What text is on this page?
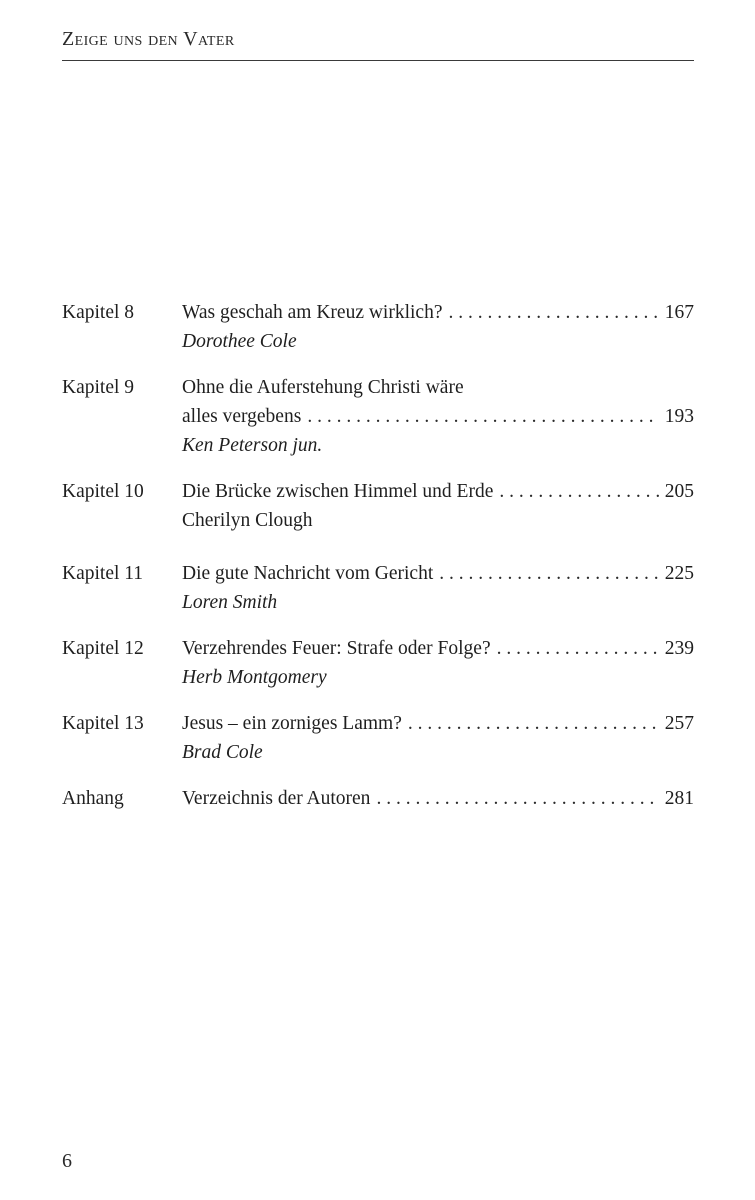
Zeige uns den Vater
Kapitel 8	Was geschah am Kreuz wirklich? . . .	167
Dorothee Cole
Kapitel 9	Ohne die Auferstehung Christi wäre
alles vergebens . . .	193
Ken Peterson jun.
Kapitel 10	Die Brücke zwischen Himmel und Erde . . .	205
Cherilyn Clough
Kapitel 11	Die gute Nachricht vom Gericht . . .	225
Loren Smith
Kapitel 12	Verzehrendes Feuer: Strafe oder Folge? . . .	239
Herb Montgomery
Kapitel 13	Jesus – ein zorniges Lamm? . . .	257
Brad Cole
Anhang	Verzeichnis der Autoren . . .	281
6
